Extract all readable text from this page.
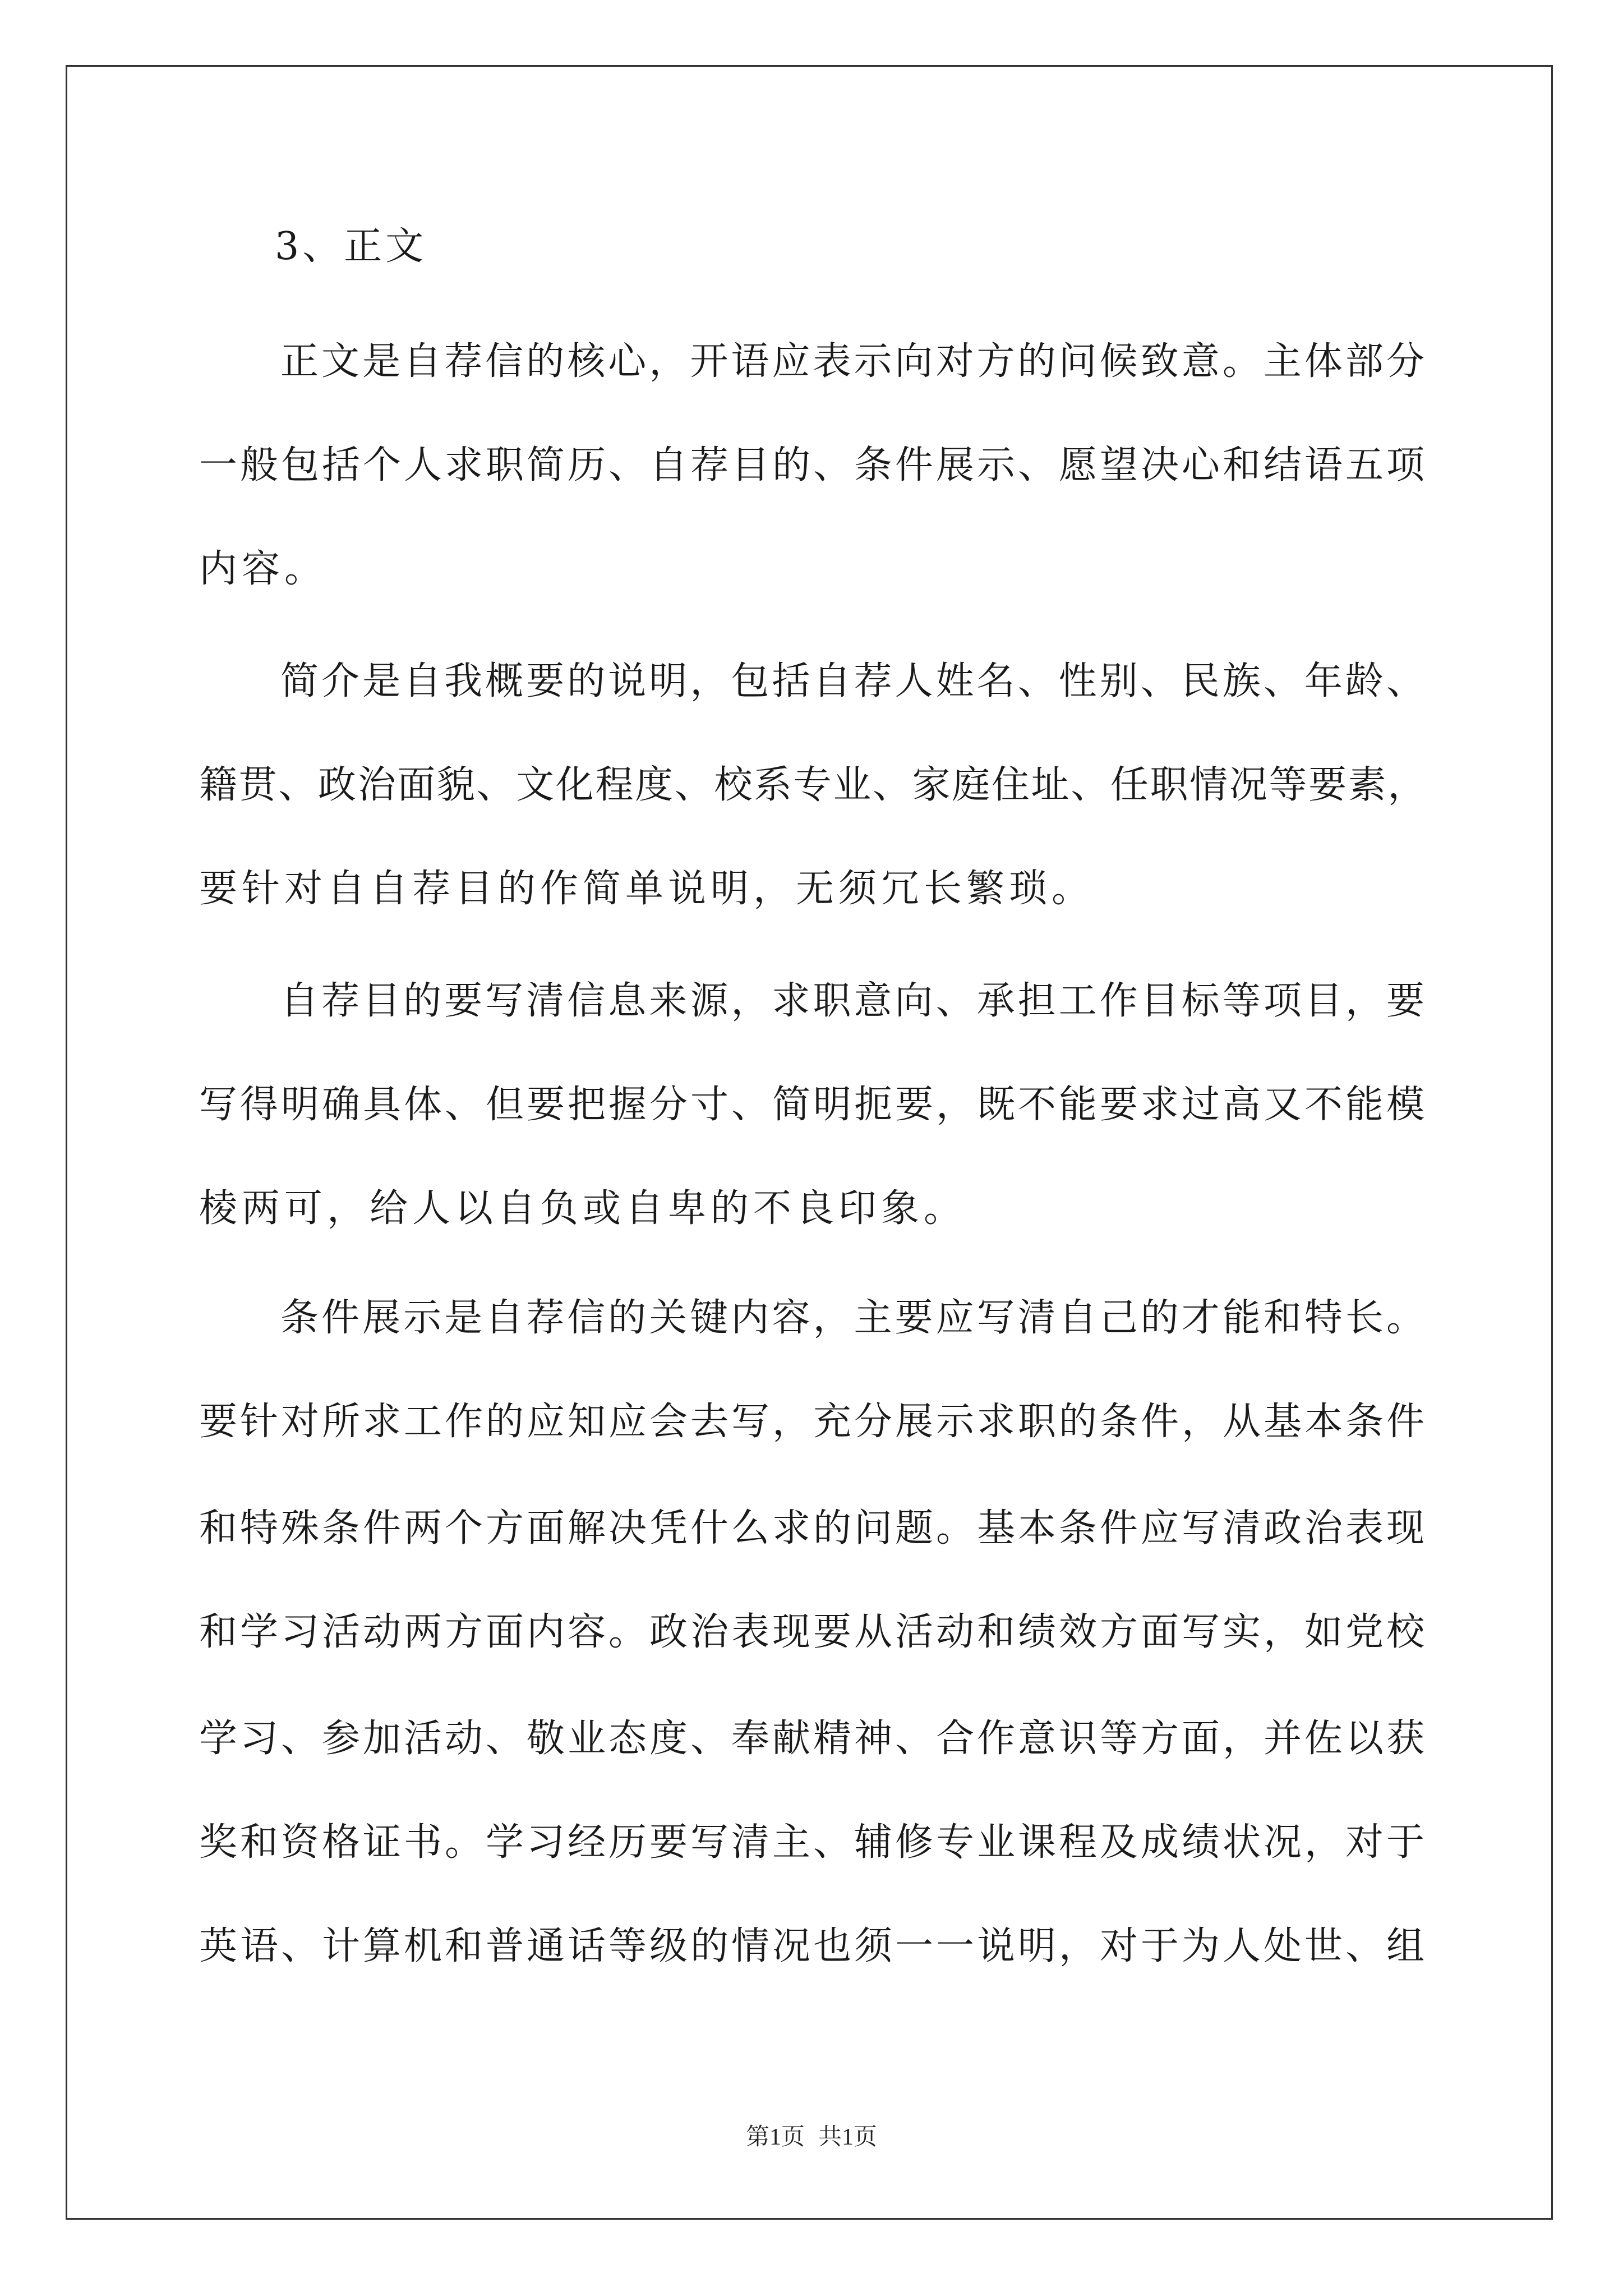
3、正文
正文是自荐信的核心，开语应表示向对方的问候致意。主体部分
一般包括个人求职简历、自荐目的、条件展示、愿望决心和结语五项
内容。
简介是自我概要的说明，包括自荐人姓名、性别、民族、年龄、
籍贯、政治面貌、文化程度、校系专业、家庭住址、任职情况等要素，
要针对自自荐目的作简单说明，无须冗长繁琐。
自荐目的要写清信息来源，求职意向、承担工作目标等项目，要
写得明确具体、但要把握分寸、简明扼要，既不能要求过高又不能模
棱两可，给人以自负或自卑的不良印象。
条件展示是自荐信的关键内容，主要应写清自己的才能和特长。
要针对所求工作的应知应会去写，充分展示求职的条件，从基本条件
和特殊条件两个方面解决凭什么求的问题。基本条件应写清政治表现
和学习活动两方面内容。政治表现要从活动和绩效方面写实，如党校
学习、参加活动、敬业态度、奉献精神、合作意识等方面，并佐以获
奖和资格证书。学习经历要写清主、辅修专业课程及成绩状况，对于
英语、计算机和普通话等级的情况也须一一说明，对于为人处世、组
第1页 共1页
